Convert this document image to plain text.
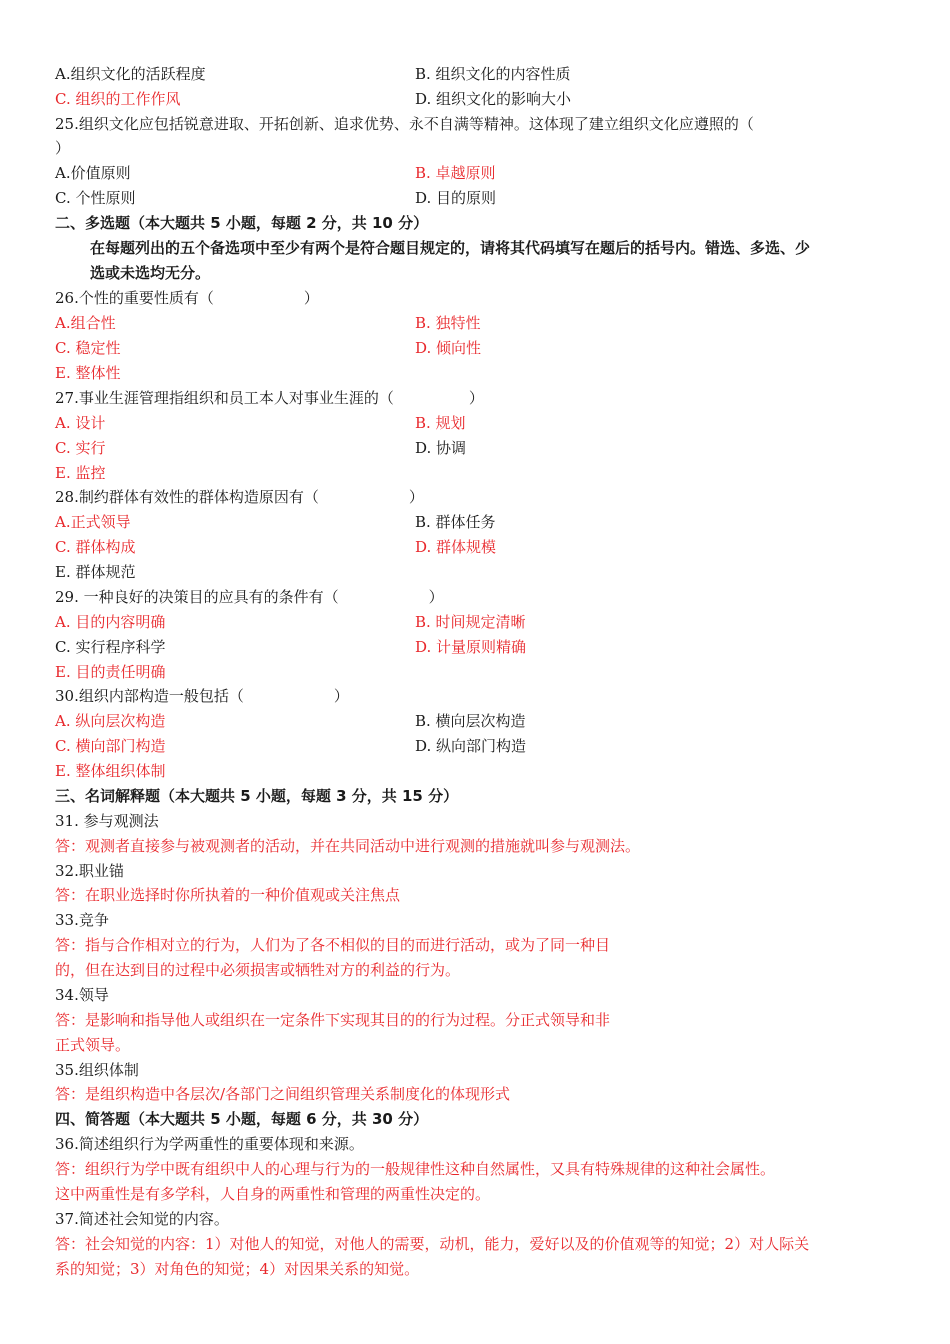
A.组织文化的活跃程度	B. 组织文化的内容性质
C. 组织的工作作风	D. 组织文化的影响大小
25.组织文化应包括锐意进取、开拓创新、追求优势、永不自满等精神。这体现了建立组织文化应遵照的（
）
A.价值原则	B. 卓越原则
C. 个性原则	D. 目的原则
二、多选题（本大题共 5 小题，每题 2 分，共 10 分）
在每题列出的五个备选项中至少有两个是符合题目规定的，请将其代码填写在题后的括号内。错选、多选、少
选或未选均无分。
26.个性的重要性质有（　　　　　　）
A.组合性	B. 独特性
C. 稳定性	D. 倾向性
E. 整体性
27.事业生涯管理指组织和员工本人对事业生涯的（　　　　　）
A. 设计	B. 规划
C. 实行	D. 协调
E. 监控
28.制约群体有效性的群体构造原因有（　　　　　　）
A.正式领导	B. 群体任务
C. 群体构成	D. 群体规模
E. 群体规范
29. 一种良好的决策目的应具有的条件有（　　　　　　）
A. 目的内容明确	B. 时间规定清晰
C. 实行程序科学	D. 计量原则精确
E. 目的责任明确
30.组织内部构造一般包括（　　　　　　）
A. 纵向层次构造	B. 横向层次构造
C. 横向部门构造	D. 纵向部门构造
E. 整体组织体制
三、名词解释题（本大题共 5 小题，每题 3 分，共 15 分）
31. 参与观测法
答：观测者直接参与被观测者的活动，并在共同活动中进行观测的措施就叫参与观测法。
32.职业锚
答：在职业选择时你所执着的一种价值观或关注焦点
33.竞争
答：指与合作相对立的行为，人们为了各不相似的目的而进行活动，或为了同一种目
的，但在达到目的过程中必须损害或牺牲对方的利益的行为。
34.领导
答：是影响和指导他人或组织在一定条件下实现其目的的行为过程。分正式领导和非
正式领导。
35.组织体制
答：是组织构造中各层次/各部门之间组织管理关系制度化的体现形式
四、简答题（本大题共 5 小题，每题 6 分，共 30 分）
36.简述组织行为学两重性的重要体现和来源。
答：组织行为学中既有组织中人的心理与行为的一般规律性这种自然属性，又具有特殊规律的这种社会属性。
这中两重性是有多学科，人自身的两重性和管理的两重性决定的。
37.简述社会知觉的内容。
答：社会知觉的内容：1）对他人的知觉，对他人的需要，动机，能力，爱好以及的价值观等的知觉；2）对人际关
系的知觉；3）对角色的知觉；4）对因果关系的知觉。
